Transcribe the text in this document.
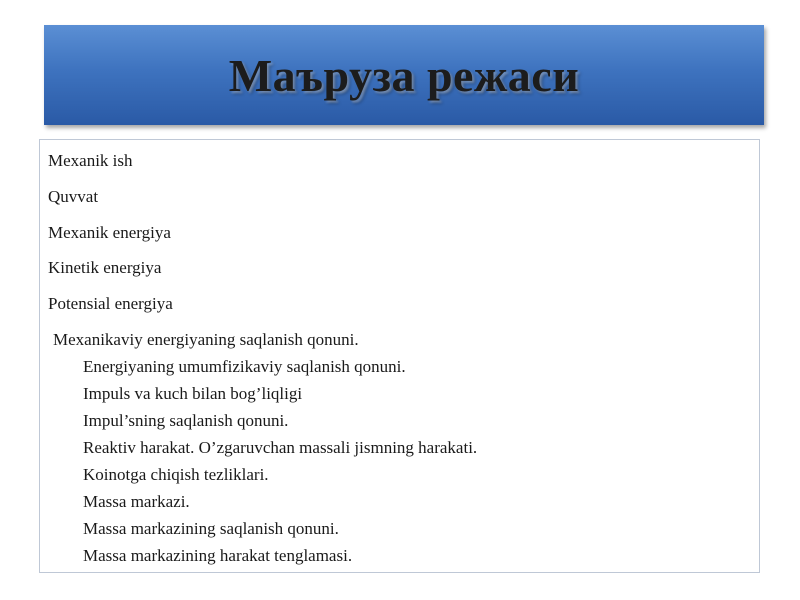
Маъруза режаси
Mexanik ish
Quvvat
Mexanik energiya
Kinetik energiya
Potensial energiya
Mexanikaviy energiyaning saqlanish qonuni.
Energiyaning umumfizikaviy saqlanish qonuni.
Impuls va kuch bilan bog’liqligi
Impul’sning saqlanish qonuni.
Reaktiv harakat. O’zgaruvchan massali jismning harakati.
Koinotga chiqish tezliklari.
Massa markazi.
Massa markazining saqlanish qonuni.
Massa markazining harakat tenglamasi.
